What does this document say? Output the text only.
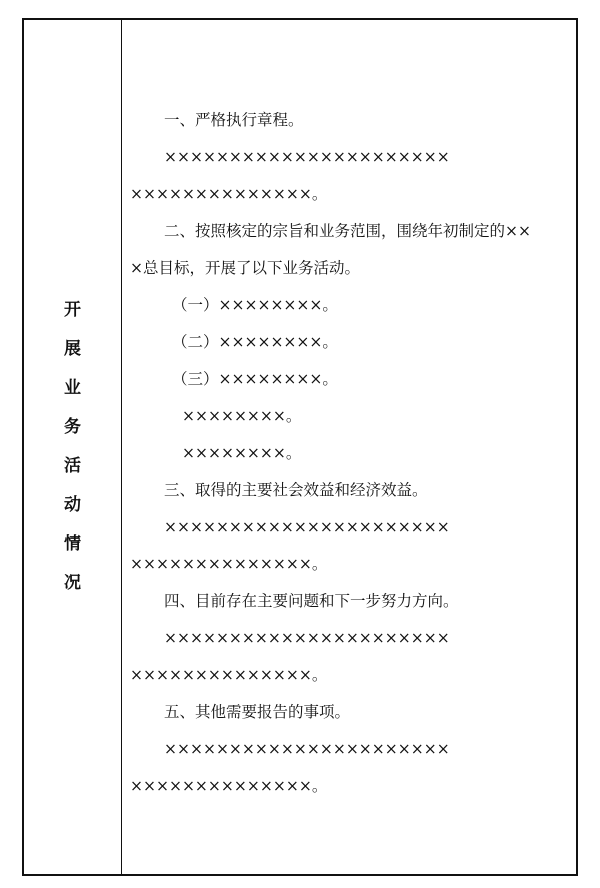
开
展
业
务
活
动
情
况
一、严格执行章程。
××××××××××××××××××××××
××××××××××××××。
二、按照核定的宗旨和业务范围，围绕年初制定的××
×总目标，开展了以下业务活动。
（一）××××××××。
（二）××××××××。
（三）××××××××。
××××××××。
××××××××。
三、取得的主要社会效益和经济效益。
××××××××××××××××××××××
××××××××××××××。
四、目前存在主要问题和下一步努力方向。
××××××××××××××××××××××
××××××××××××××。
五、其他需要报告的事项。
××××××××××××××××××××××
××××××××××××××。
